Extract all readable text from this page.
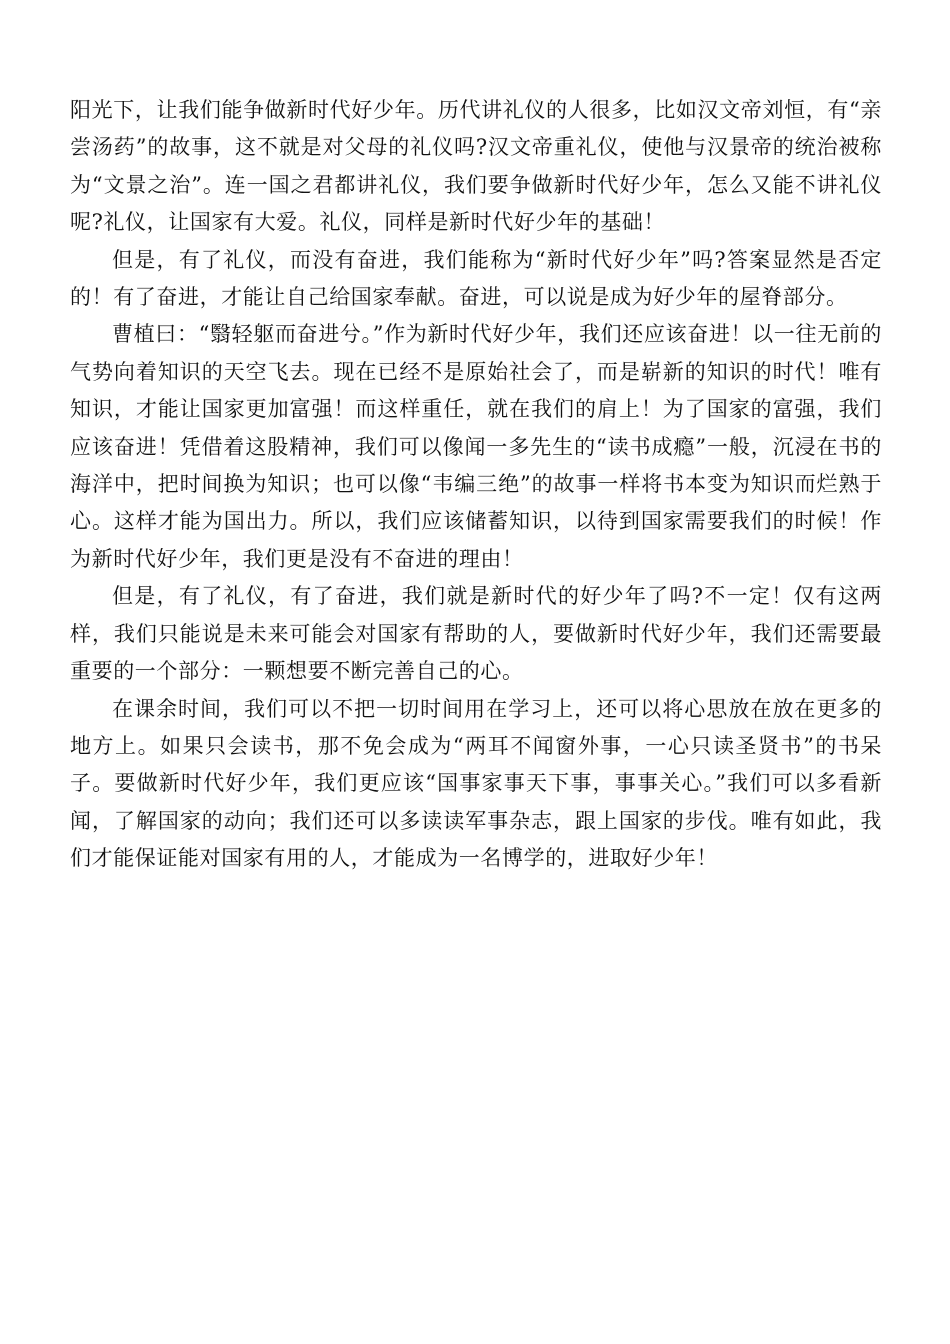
阳光下，让我们能争做新时代好少年。历代讲礼仪的人很多，比如汉文帝刘恒，有“亲尝汤药”的故事，这不就是对父母的礼仪吗?汉文帝重礼仪，使他与汉景帝的统治被称为“文景之治”。连一国之君都讲礼仪，我们要争做新时代好少年，怎么又能不讲礼仪呢?礼仪，让国家有大爱。礼仪，同样是新时代好少年的基础！

但是，有了礼仪，而没有奋进，我们能称为“新时代好少年”吗?答案显然是否定的！有了奋进，才能让自己给国家奉献。奋进，可以说是成为好少年的屋脊部分。

曹植曰：“翳轻躯而奋进兮。”作为新时代好少年，我们还应该奋进！以一往无前的气势向着知识的天空飞去。现在已经不是原始社会了，而是崭新的知识的时代！唯有知识，才能让国家更加富强！而这样重任，就在我们的肩上！为了国家的富强，我们应该奋进！凭借着这股精神，我们可以像闻一多先生的“读书成瘾”一般，沉浸在书的海洋中，把时间换为知识；也可以像“韦编三绝”的故事一样将书本变为知识而烂熟于心。这样才能为国出力。所以，我们应该储蓄知识，以待到国家需要我们的时候！作为新时代好少年，我们更是没有不奋进的理由！

但是，有了礼仪，有了奋进，我们就是新时代的好少年了吗?不一定！仅有这两样，我们只能说是未来可能会对国家有帮助的人，要做新时代好少年，我们还需要最重要的一个部分：一颗想要不断完善自己的心。

在课余时间，我们可以不把一切时间用在学习上，还可以将心思放在放在更多的地方上。如果只会读书，那不免会成为“两耳不闻窗外事，一心只读圣贤书”的书呆子。要做新时代好少年，我们更应该“国事家事天下事，事事关心。”我们可以多看新闻，了解国家的动向；我们还可以多读读军事杂志，跟上国家的步伐。唯有如此，我们才能保证能对国家有用的人，才能成为一名博学的，进取好少年！
